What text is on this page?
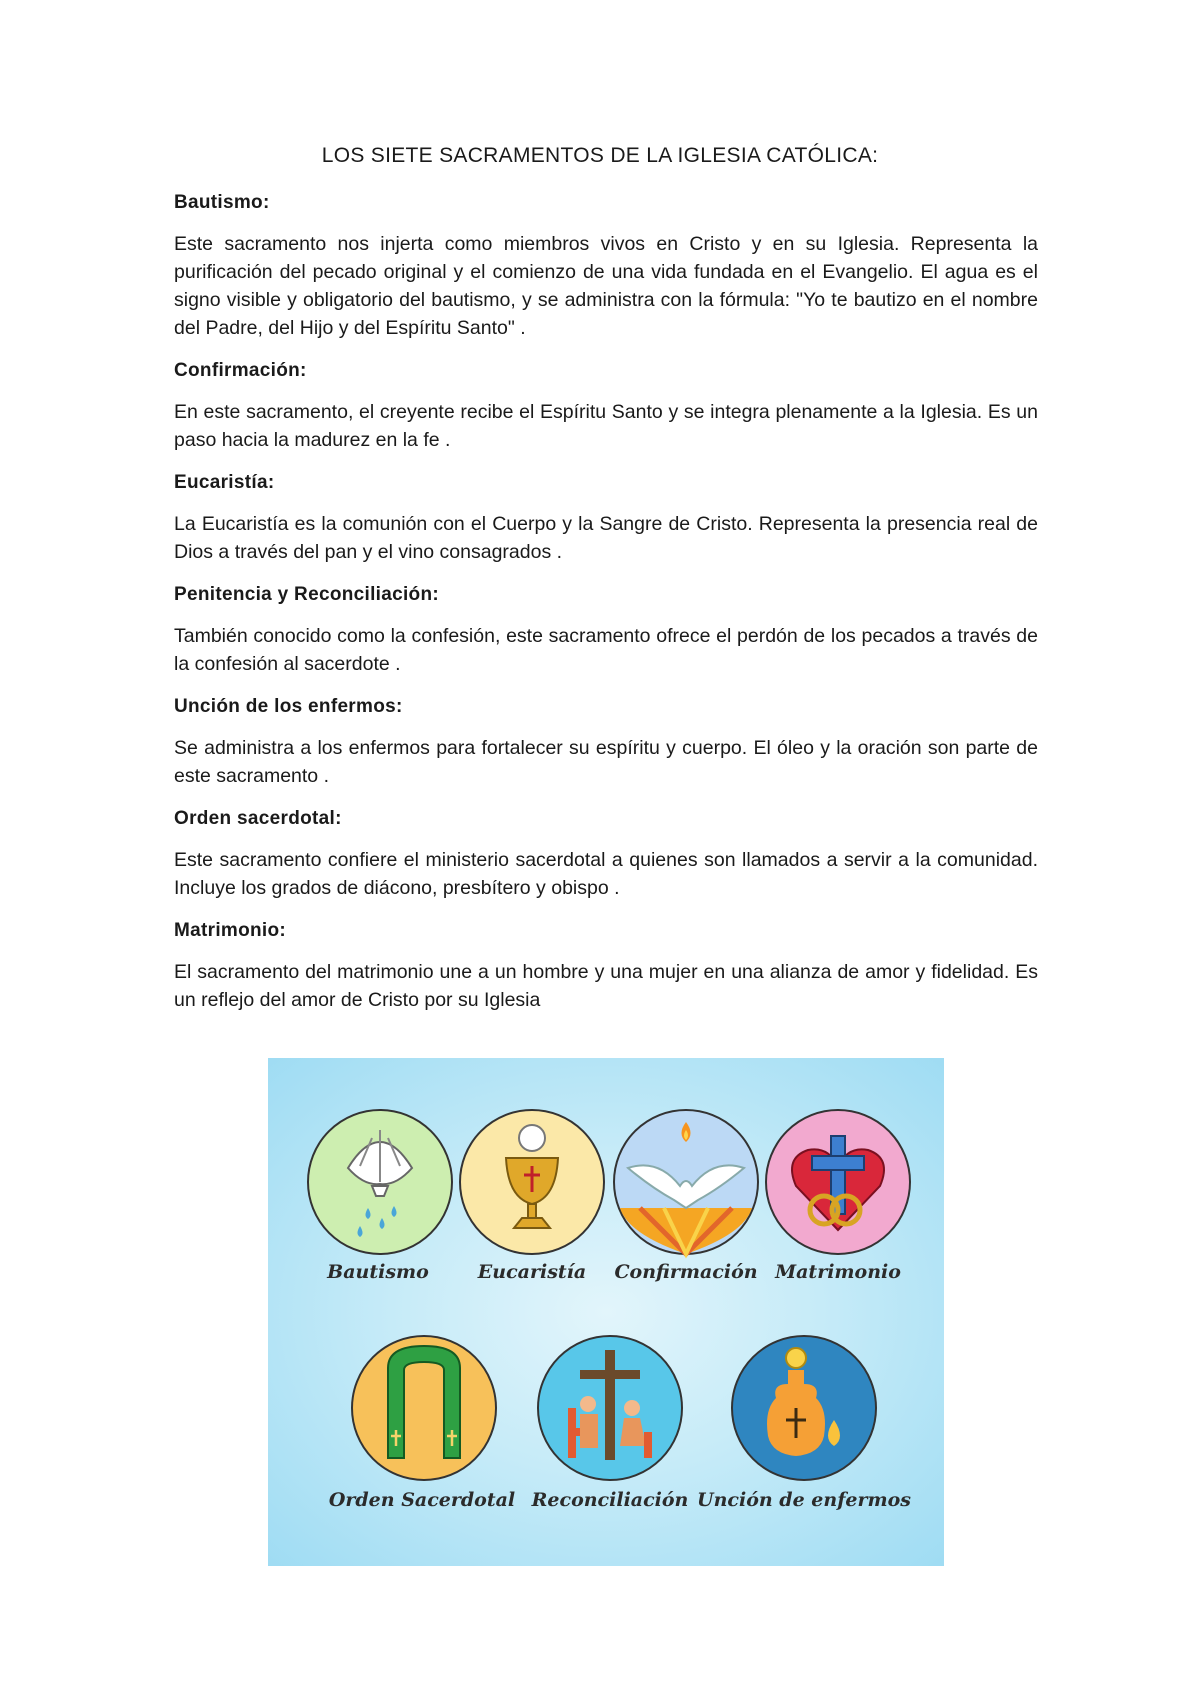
LOS SIETE SACRAMENTOS DE LA IGLESIA CATÓLICA:

Bautismo:

Este sacramento nos injerta como miembros vivos en Cristo y en su Iglesia. Representa la purificación del pecado original y el comienzo de una vida fundada en el Evangelio. El agua es el signo visible y obligatorio del bautismo, y se administra con la fórmula: "Yo te bautizo en el nombre del Padre, del Hijo y del Espíritu Santo" .

Confirmación:

En este sacramento, el creyente recibe el Espíritu Santo y se integra plenamente a la Iglesia. Es un paso hacia la madurez en la fe .

Eucaristía:

La Eucaristía es la comunión con el Cuerpo y la Sangre de Cristo. Representa la presencia real de Dios a través del pan y el vino consagrados .

Penitencia y Reconciliación:

También conocido como la confesión, este sacramento ofrece el perdón de los pecados a través de la confesión al sacerdote .

Unción de los enfermos:

Se administra a los enfermos para fortalecer su espíritu y cuerpo. El óleo y la oración son parte de este sacramento .

Orden sacerdotal:

Este sacramento confiere el ministerio sacerdotal a quienes son llamados a servir a la comunidad. Incluye los grados de diácono, presbítero y obispo .

Matrimonio:

El sacramento del matrimonio une a un hombre y una mujer en una alianza de amor y fidelidad. Es un reflejo del amor de Cristo por su Iglesia

Bautismo	Eucaristía Confirmación Matrimonio
Orden Sacerdotal Reconciliación Unción de enfermos
